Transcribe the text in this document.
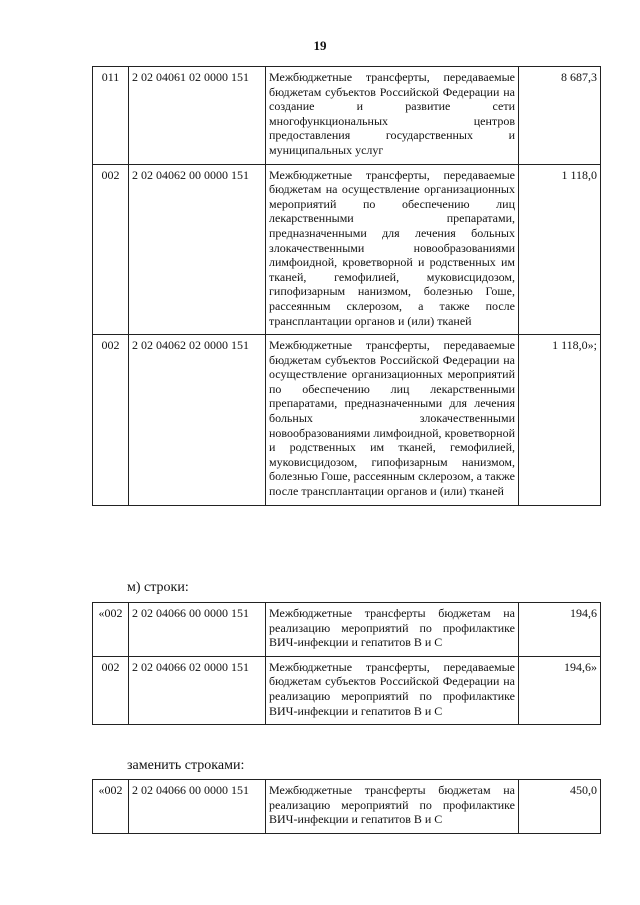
19
011	2 02 04061 02 0000 151	Межбюджетные трансферты, передаваемые бюджетам субъектов Российской Федерации на создание и развитие сети многофункциональных центров предоставления государственных и муниципальных услуг	8 687,3
002	2 02 04062 00 0000 151	Межбюджетные трансферты, передаваемые бюджетам на осуществление организационных мероприятий по обеспечению лиц лекарственными препаратами, предназначенными для лечения больных злокачественными новообразованиями лимфоидной, кроветворной и родственных им тканей, гемофилией, муковисцидозом, гипофизарным нанизмом, болезнью Гоше, рассеянным склерозом, а также после трансплантации органов и (или) тканей	1 118,0
002	2 02 04062 02 0000 151	Межбюджетные трансферты, передаваемые бюджетам субъектов Российской Федерации на осуществление организационных мероприятий по обеспечению лиц лекарственными препаратами, предназначенными для лечения больных злокачественными новообразованиями лимфоидной, кроветворной и родственных им тканей, гемофилией, муковисцидозом, гипофизарным нанизмом, болезнью Гоше, рассеянным склерозом, а также после трансплантации органов и (или) тканей	1 118,0»;
м) строки:
«002	2 02 04066 00 0000 151	Межбюджетные трансферты бюджетам на реализацию мероприятий по профилактике ВИЧ-инфекции и гепатитов B и C	194,6
002	2 02 04066 02 0000 151	Межбюджетные трансферты, передаваемые бюджетам субъектов Российской Федерации на реализацию мероприятий по профилактике ВИЧ-инфекции и гепатитов B и C	194,6»
заменить строками:
«002	2 02 04066 00 0000 151	Межбюджетные трансферты бюджетам на реализацию мероприятий по профилактике ВИЧ-инфекции и гепатитов B и C	450,0
